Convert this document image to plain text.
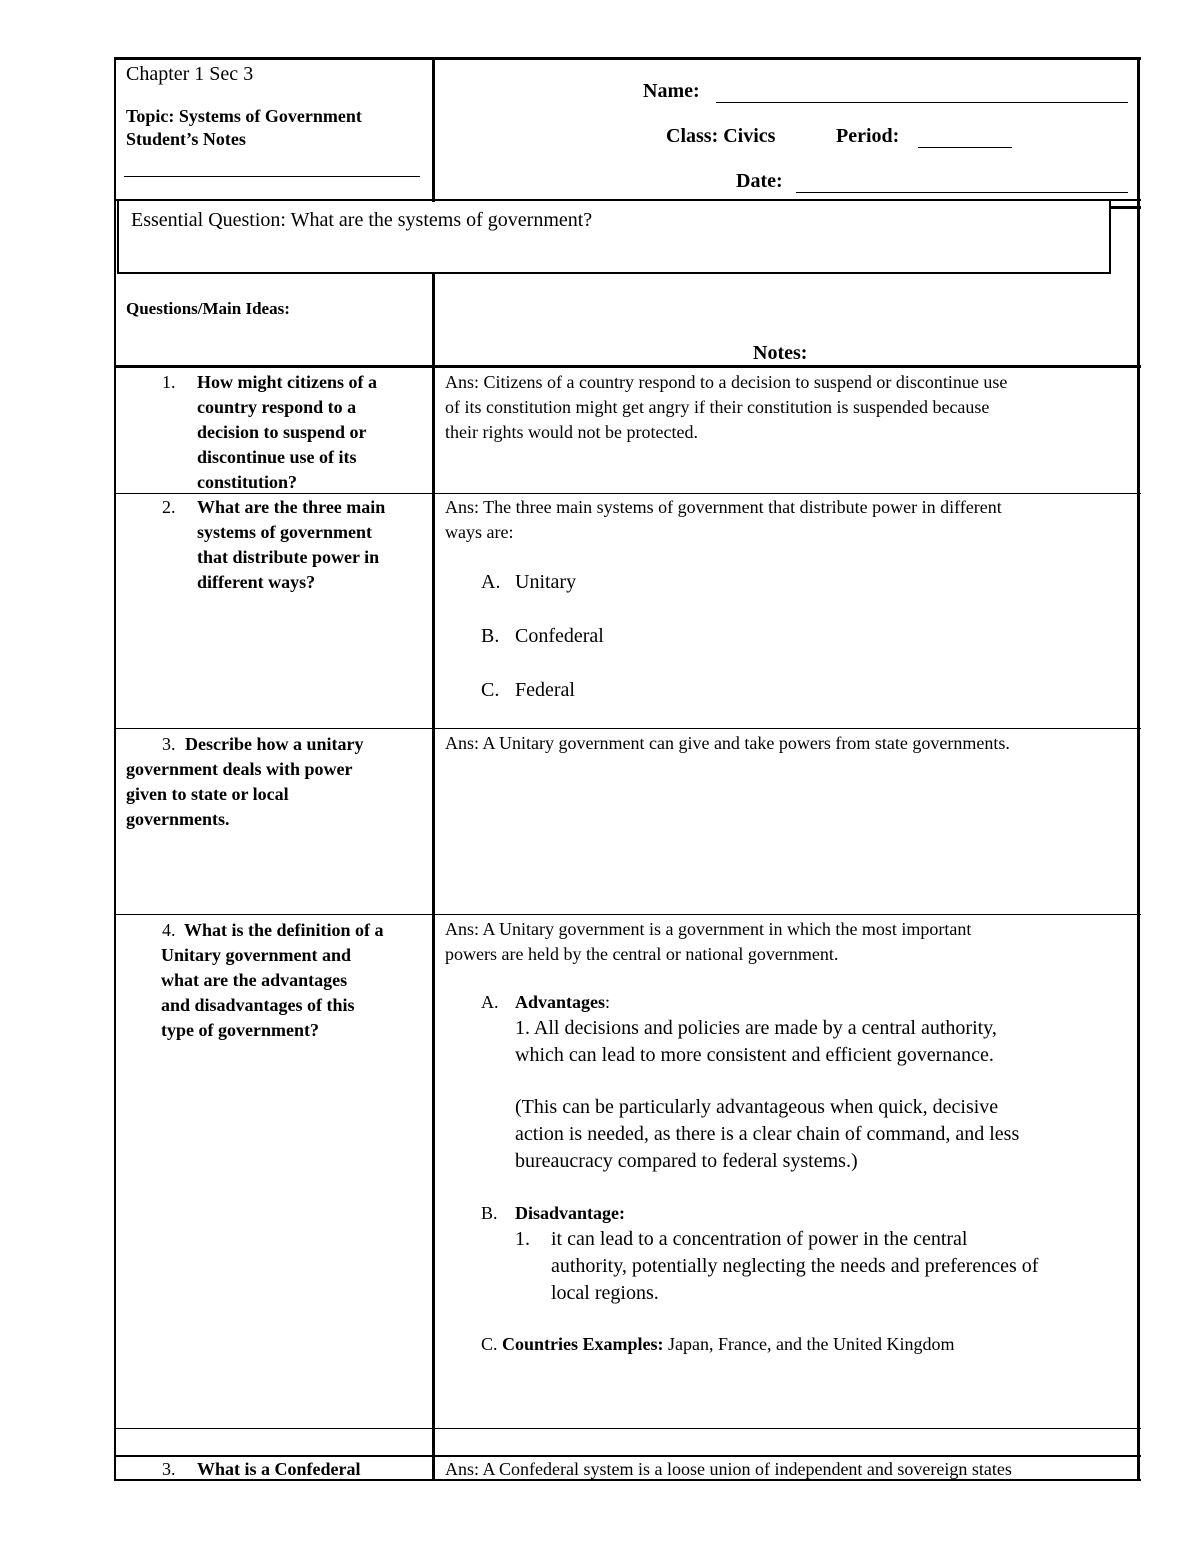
Chapter 1 Sec 3
Topic: Systems of Government
Student’s Notes
Name:
Class: Civics	Period:
Date:
Essential Question: What are the systems of government?
Questions/Main Ideas:
Notes:
1. How might citizens of a
country respond to a
decision to suspend or
discontinue use of its
constitution?
Ans: Citizens of a country respond to a decision to suspend or discontinue use
of its constitution might get angry if their constitution is suspended because
their rights would not be protected.
2. What are the three main
systems of government
that distribute power in
different ways?
Ans: The three main systems of government that distribute power in different
ways are:
A. Unitary
B. Confederal
C. Federal
3. Describe how a unitary
government deals with power
given to state or local
governments.
Ans: A Unitary government can give and take powers from state governments.
4. What is the definition of a
Unitary government and
what are the advantages
and disadvantages of this
type of government?
Ans: A Unitary government is a government in which the most important
powers are held by the central or national government.
A. Advantages:
1. All decisions and policies are made by a central authority,
which can lead to more consistent and efficient governance.
(This can be particularly advantageous when quick, decisive
action is needed, as there is a clear chain of command, and less
bureaucracy compared to federal systems.)
B. Disadvantage:
1. it can lead to a concentration of power in the central
authority, potentially neglecting the needs and preferences of
local regions.
C. Countries Examples: Japan, France, and the United Kingdom
3. What is a Confederal	Ans: A Confederal system is a loose union of independent and sovereign states
